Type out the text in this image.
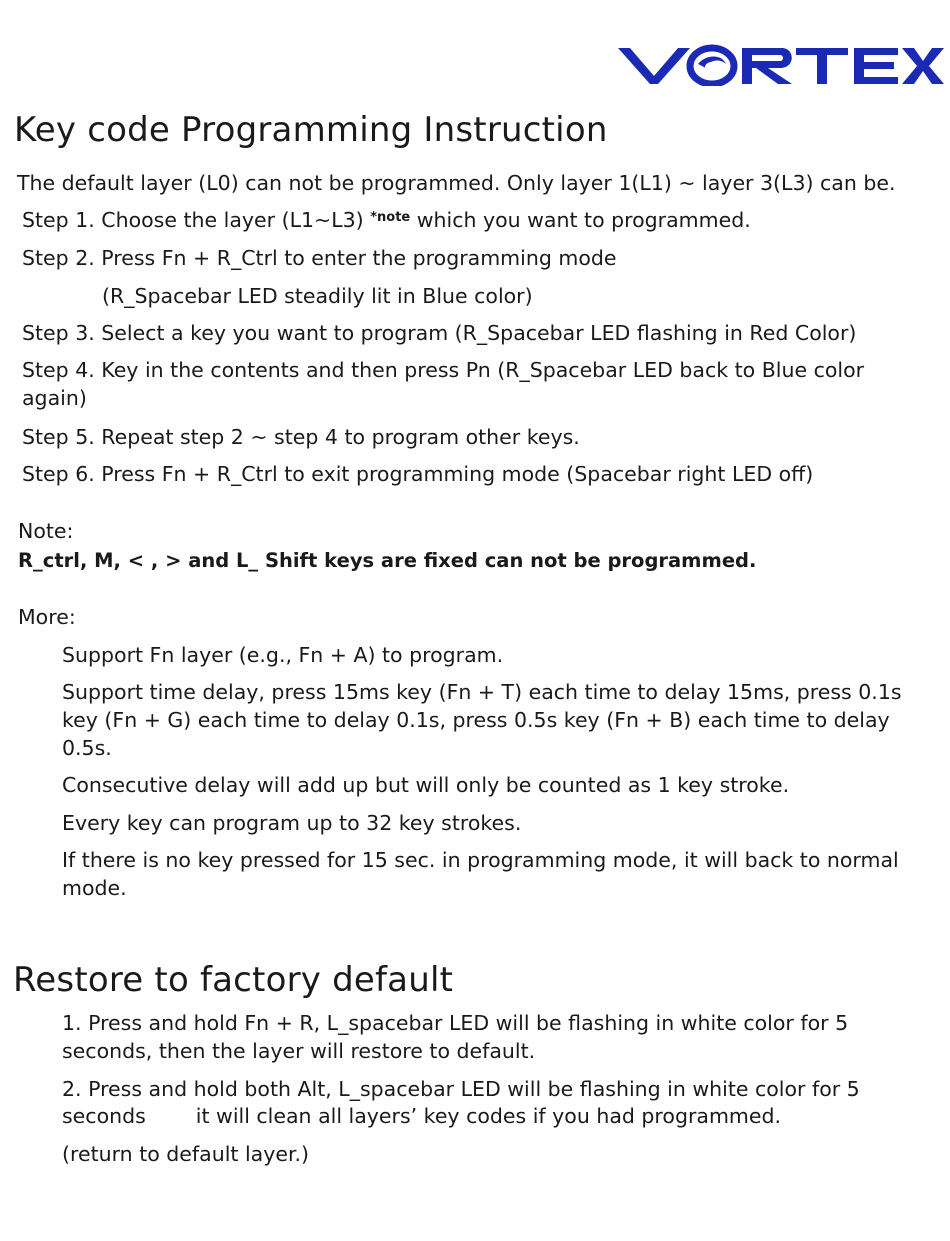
Key code Programming Instruction
The default layer (L0) can not be programmed. Only layer 1(L1) ~ layer 3(L3) can be.
Step 1. Choose the layer (L1~L3) $^{*note}$ which you want to programmed.
Step 2. Press Fn + R_Ctrl to enter the programming mode
(R_Spacebar LED steadily lit in Blue color)
Step 3. Select a key you want to program (R_Spacebar LED flashing in Red Color)
Step 4. Key in the contents and then press Pn (R_Spacebar LED back to Blue color again)
Step 5. Repeat step 2 ~ step 4 to program other keys.
Step 6. Press Fn + R_Ctrl to exit programming mode (Spacebar right LED off)
Note:
R_ctrl, M, < , > and L_ Shift keys are fixed can not be programmed.
More:
Support Fn layer (e.g., Fn + A) to program.
Support time delay, press 15ms key (Fn + T) each time to delay 15ms, press 0.1s key (Fn + G) each time to delay 0.1s, press 0.5s key (Fn + B) each time to delay 0.5s.
Consecutive delay will add up but will only be counted as 1 key stroke.
Every key can program up to 32 key strokes.
If there is no key pressed for 15 sec. in programming mode, it will back to normal mode.
Restore to factory default
1. Press and hold Fn + R, L_spacebar LED will be flashing in white color for 5 seconds, then the layer will restore to default.
2. Press and hold both Alt, L_spacebar LED will be flashing in white color for 5
seconds it will clean all layers’ key codes if you had programmed.
(return to default layer.)
